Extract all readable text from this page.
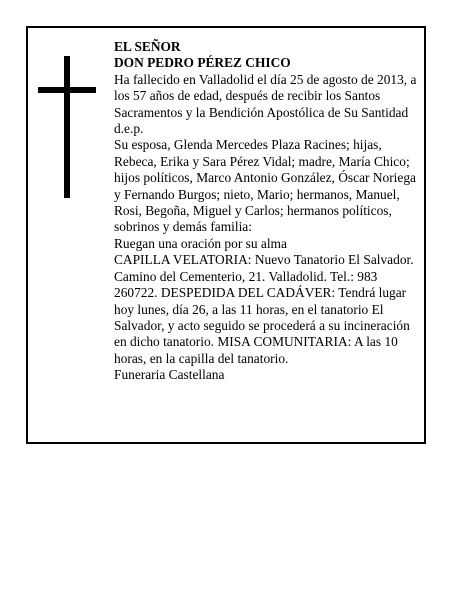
EL SEÑOR

DON PEDRO PÉREZ CHICO

Ha fallecido en Valladolid el día 25 de agosto de 2013, a los 57 años de edad, después de recibir los Santos Sacramentos y la Bendición Apostólica de Su Santidad d.e.p.

Su esposa, Glenda Mercedes Plaza Racines; hijas, Rebeca, Erika y Sara Pérez Vidal; madre, María Chico; hijos políticos, Marco Antonio González, Óscar Noriega y Fernando Burgos; nieto, Mario; hermanos, Manuel, Rosi, Begoña, Miguel y Carlos; hermanos políticos, sobrinos y demás familia:

Ruegan una oración por su alma

CAPILLA VELATORIA: Nuevo Tanatorio El Salvador. Camino del Cementerio, 21. Valladolid. Tel.: 983 260722. DESPEDIDA DEL CADÁVER: Tendrá lugar hoy lunes, día 26, a las 11 horas, en el tanatorio El Salvador, y acto seguido se procederá a su incineración en dicho tanatorio. MISA COMUNITARIA: A las 10 horas, en la capilla del tanatorio.

Funeraria Castellana
